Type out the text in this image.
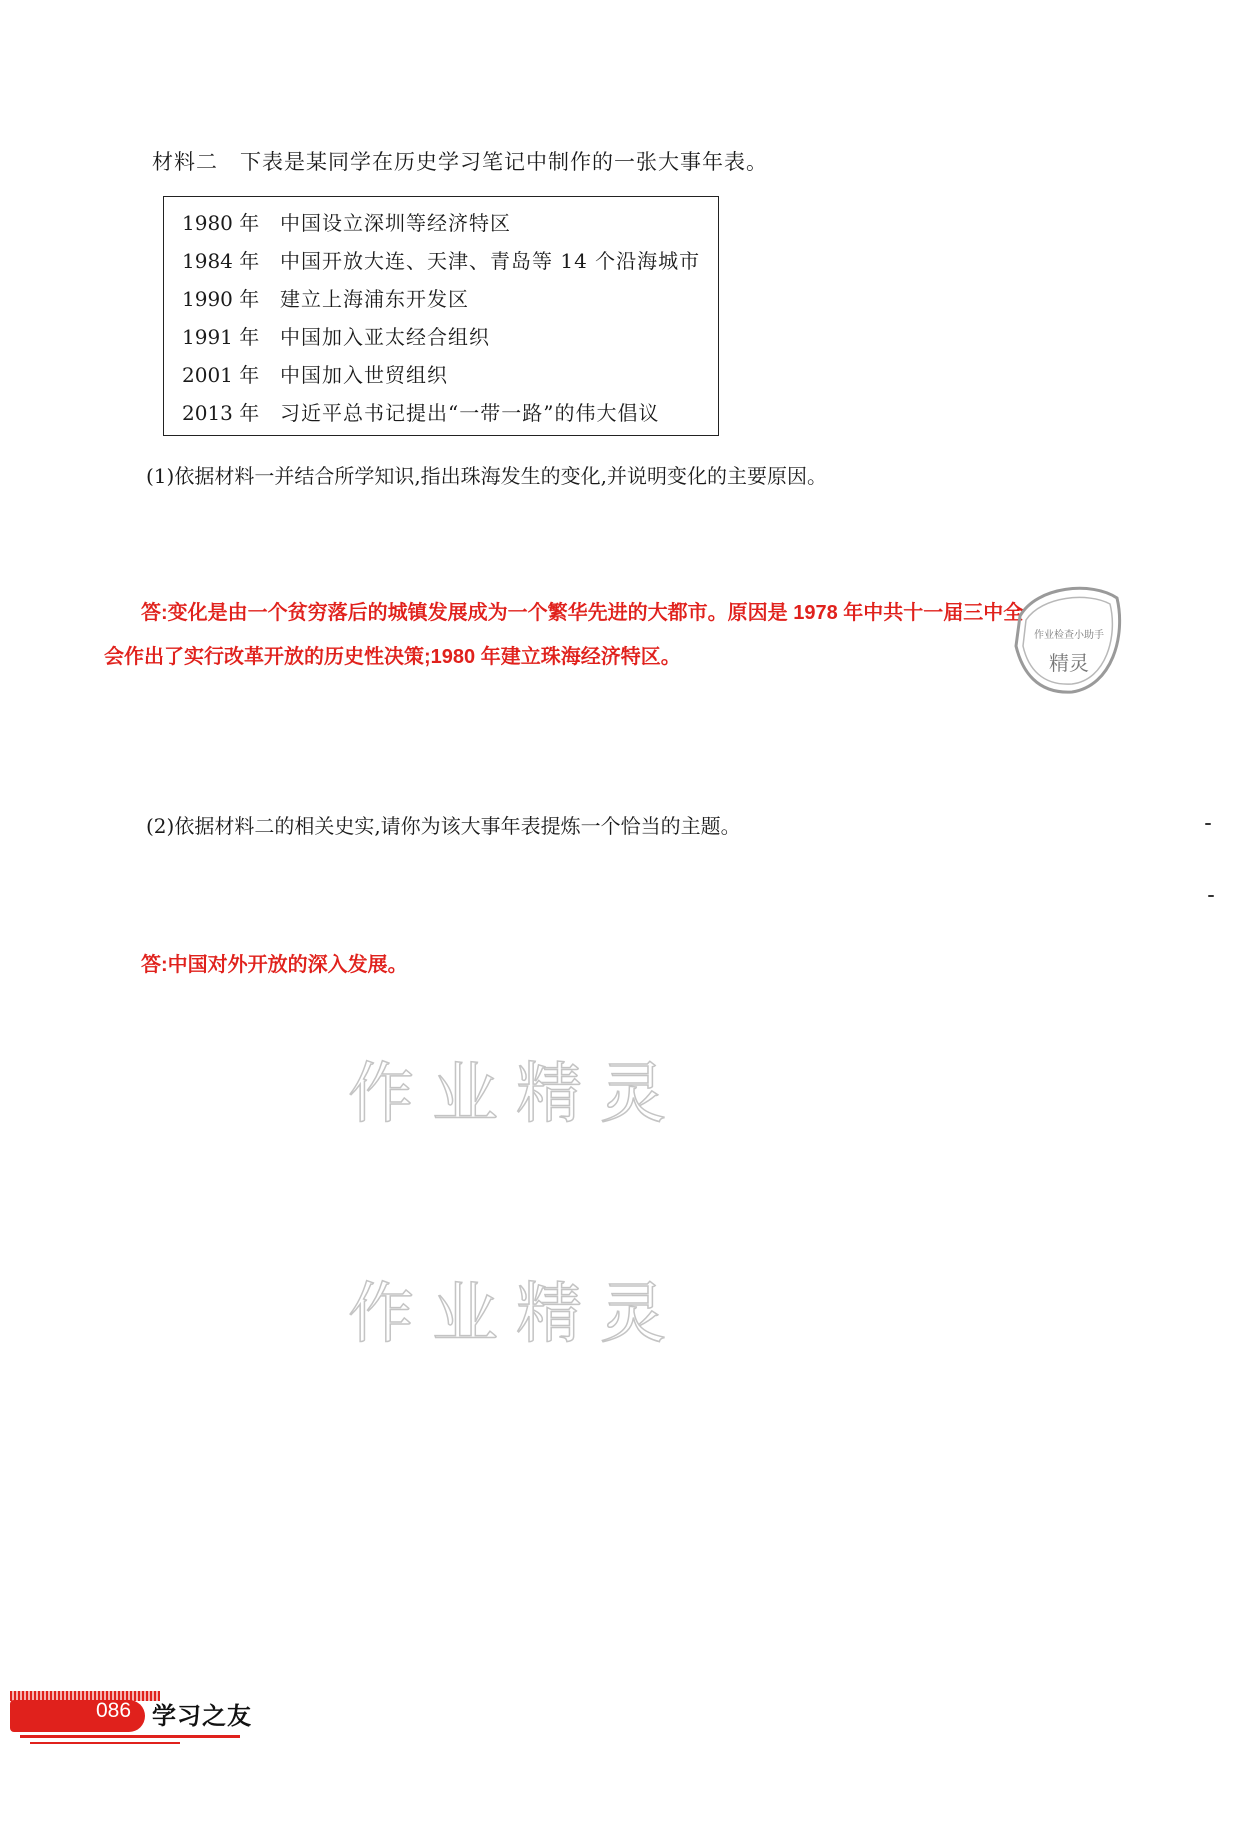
材料二　下表是某同学在历史学习笔记中制作的一张大事年表。
1980 年 中国设立深圳等经济特区
1984 年 中国开放大连、天津、青岛等 14 个沿海城市
1990 年 建立上海浦东开发区
1991 年 中国加入亚太经合组织
2001 年 中国加入世贸组织
2013 年 习近平总书记提出“一带一路”的伟大倡议
(1)依据材料一并结合所学知识,指出珠海发生的变化,并说明变化的主要原因。
答:变化是由一个贫穷落后的城镇发展成为一个繁华先进的大都市。原因是 1978 年中共十一届三中全
会作出了实行改革开放的历史性决策;1980 年建立珠海经济特区。
作业检查小助手
精灵
(2)依据材料二的相关史实,请你为该大事年表提炼一个恰当的主题。
答:中国对外开放的深入发展。
作业精灵
作业精灵
086 学习之友
